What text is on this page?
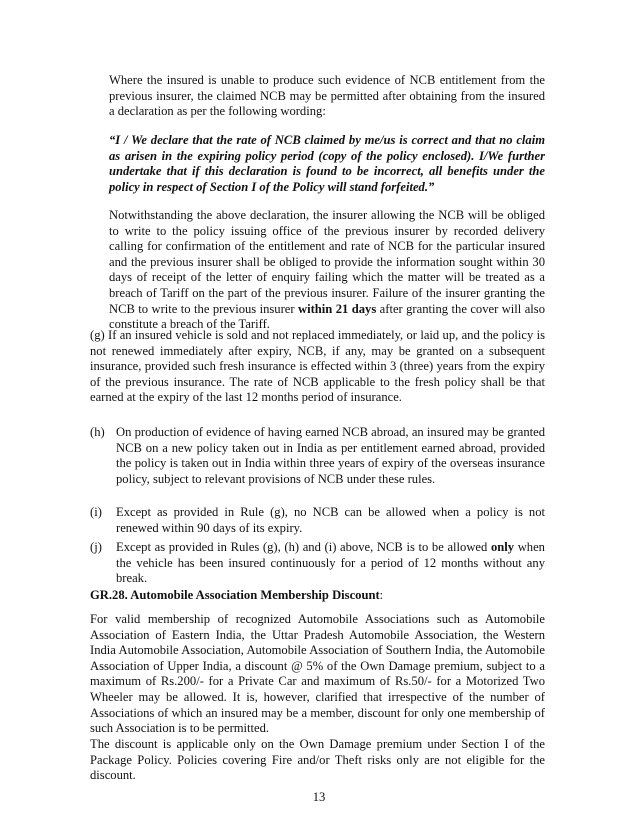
Where the insured is unable to produce such evidence of NCB entitlement from the previous insurer, the claimed NCB may be permitted after obtaining from the insured a declaration as per the following wording:

“I / We declare that the rate of NCB claimed by me/us is correct and that no claim as arisen in the expiring policy period (copy of the policy enclosed). I/We further undertake that if this declaration is found to be incorrect, all benefits under the policy in respect of Section I of the Policy will stand forfeited.”

Notwithstanding the above declaration, the insurer allowing the NCB will be obliged to write to the policy issuing office of the previous insurer by recorded delivery calling for confirmation of the entitlement and rate of NCB for the particular insured and the previous insurer shall be obliged to provide the information sought within 30 days of receipt of the letter of enquiry failing which the matter will be treated as a breach of Tariff on the part of the previous insurer. Failure of the insurer granting the NCB to write to the previous insurer within 21 days after granting the cover will also constitute a breach of the Tariff.

(g) If an insured vehicle is sold and not replaced immediately, or laid up, and the policy is not renewed immediately after expiry, NCB, if any, may be granted on a subsequent insurance, provided such fresh insurance is effected within 3 (three) years from the expiry of the previous insurance. The rate of NCB applicable to the fresh policy shall be that earned at the expiry of the last 12 months period of insurance.
(h) On production of evidence of having earned NCB abroad, an insured may be granted NCB on a new policy taken out in India as per entitlement earned abroad, provided the policy is taken out in India within three years of expiry of the overseas insurance policy, subject to relevant provisions of NCB under these rules.
(i) Except as provided in Rule (g), no NCB can be allowed when a policy is not renewed within 90 days of its expiry.
(j) Except as provided in Rules (g), (h) and (i) above, NCB is to be allowed only when the vehicle has been insured continuously for a period of 12 months without any break.
GR.28. Automobile Association Membership Discount:

For valid membership of recognized Automobile Associations such as Automobile Association of Eastern India, the Uttar Pradesh Automobile Association, the Western India Automobile Association, Automobile Association of Southern India, the Automobile Association of Upper India, a discount @ 5% of the Own Damage premium, subject to a maximum of Rs.200/- for a Private Car and maximum of Rs.50/- for a Motorized Two Wheeler may be allowed. It is, however, clarified that irrespective of the number of Associations of which an insured may be a member, discount for only one membership of such Association is to be permitted.

The discount is applicable only on the Own Damage premium under Section I of the Package Policy. Policies covering Fire and/or Theft risks only are not eligible for the discount.

13
